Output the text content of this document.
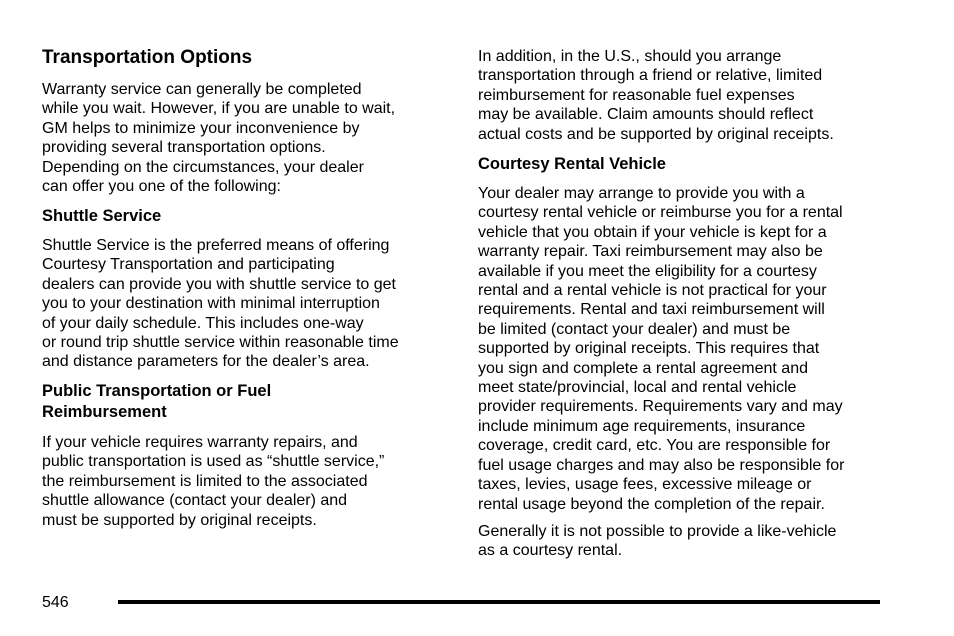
Transportation Options

Warranty service can generally be completed
while you wait. However, if you are unable to wait,
GM helps to minimize your inconvenience by
providing several transportation options.
Depending on the circumstances, your dealer
can offer you one of the following:

Shuttle Service

Shuttle Service is the preferred means of offering
Courtesy Transportation and participating
dealers can provide you with shuttle service to get
you to your destination with minimal interruption
of your daily schedule. This includes one-way
or round trip shuttle service within reasonable time
and distance parameters for the dealer’s area.

Public Transportation or Fuel
Reimbursement

If your vehicle requires warranty repairs, and
public transportation is used as “shuttle service,”
the reimbursement is limited to the associated
shuttle allowance (contact your dealer) and
must be supported by original receipts.

In addition, in the U.S., should you arrange
transportation through a friend or relative, limited
reimbursement for reasonable fuel expenses
may be available. Claim amounts should reflect
actual costs and be supported by original receipts.

Courtesy Rental Vehicle

Your dealer may arrange to provide you with a
courtesy rental vehicle or reimburse you for a rental
vehicle that you obtain if your vehicle is kept for a
warranty repair. Taxi reimbursement may also be
available if you meet the eligibility for a courtesy
rental and a rental vehicle is not practical for your
requirements. Rental and taxi reimbursement will
be limited (contact your dealer) and must be
supported by original receipts. This requires that
you sign and complete a rental agreement and
meet state/provincial, local and rental vehicle
provider requirements. Requirements vary and may
include minimum age requirements, insurance
coverage, credit card, etc. You are responsible for
fuel usage charges and may also be responsible for
taxes, levies, usage fees, excessive mileage or
rental usage beyond the completion of the repair.

Generally it is not possible to provide a like-vehicle
as a courtesy rental.

546
